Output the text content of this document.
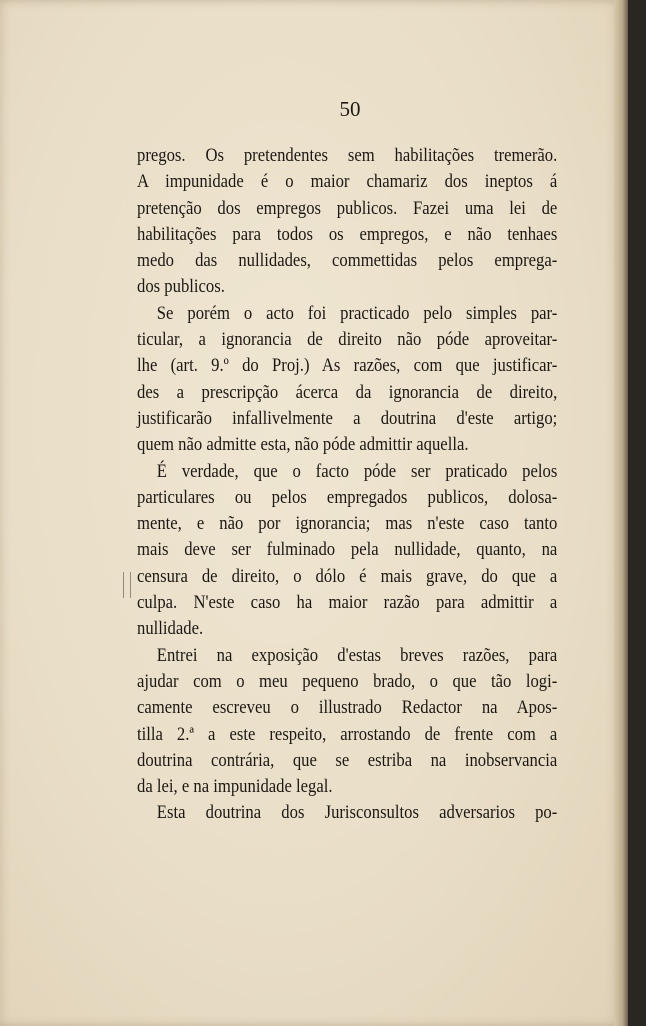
50
pregos. Os pretendentes sem habilitações tremerão.
A impunidade é o maior chamariz dos ineptos á
pretenção dos empregos publicos. Fazei uma lei de
habilitações para todos os empregos, e não tenhaes
medo das nullidades, commettidas pelos emprega-
dos publicos.
Se porém o acto foi practicado pelo simples par-
ticular, a ignorancia de direito não póde aproveitar-
lhe (art. 9.º do Proj.) As razões, com que justificar-
des a prescripção ácerca da ignorancia de direito,
justificarão infallivelmente a doutrina d'este artigo;
quem não admitte esta, não póde admittir aquella.
É verdade, que o facto póde ser praticado pelos
particulares ou pelos empregados publicos, dolosa-
mente, e não por ignorancia; mas n'este caso tanto
mais deve ser fulminado pela nullidade, quanto, na
censura de direito, o dólo é mais grave, do que a
culpa. N'este caso ha maior razão para admittir a
nullidade.
Entrei na exposição d'estas breves razões, para
ajudar com o meu pequeno brado, o que tão logi-
camente escreveu o illustrado Redactor na Apos-
tilla 2.ª a este respeito, arrostando de frente com a
doutrina contrária, que se estriba na inobservancia
da lei, e na impunidade legal.
Esta doutrina dos Jurisconsultos adversarios po-
